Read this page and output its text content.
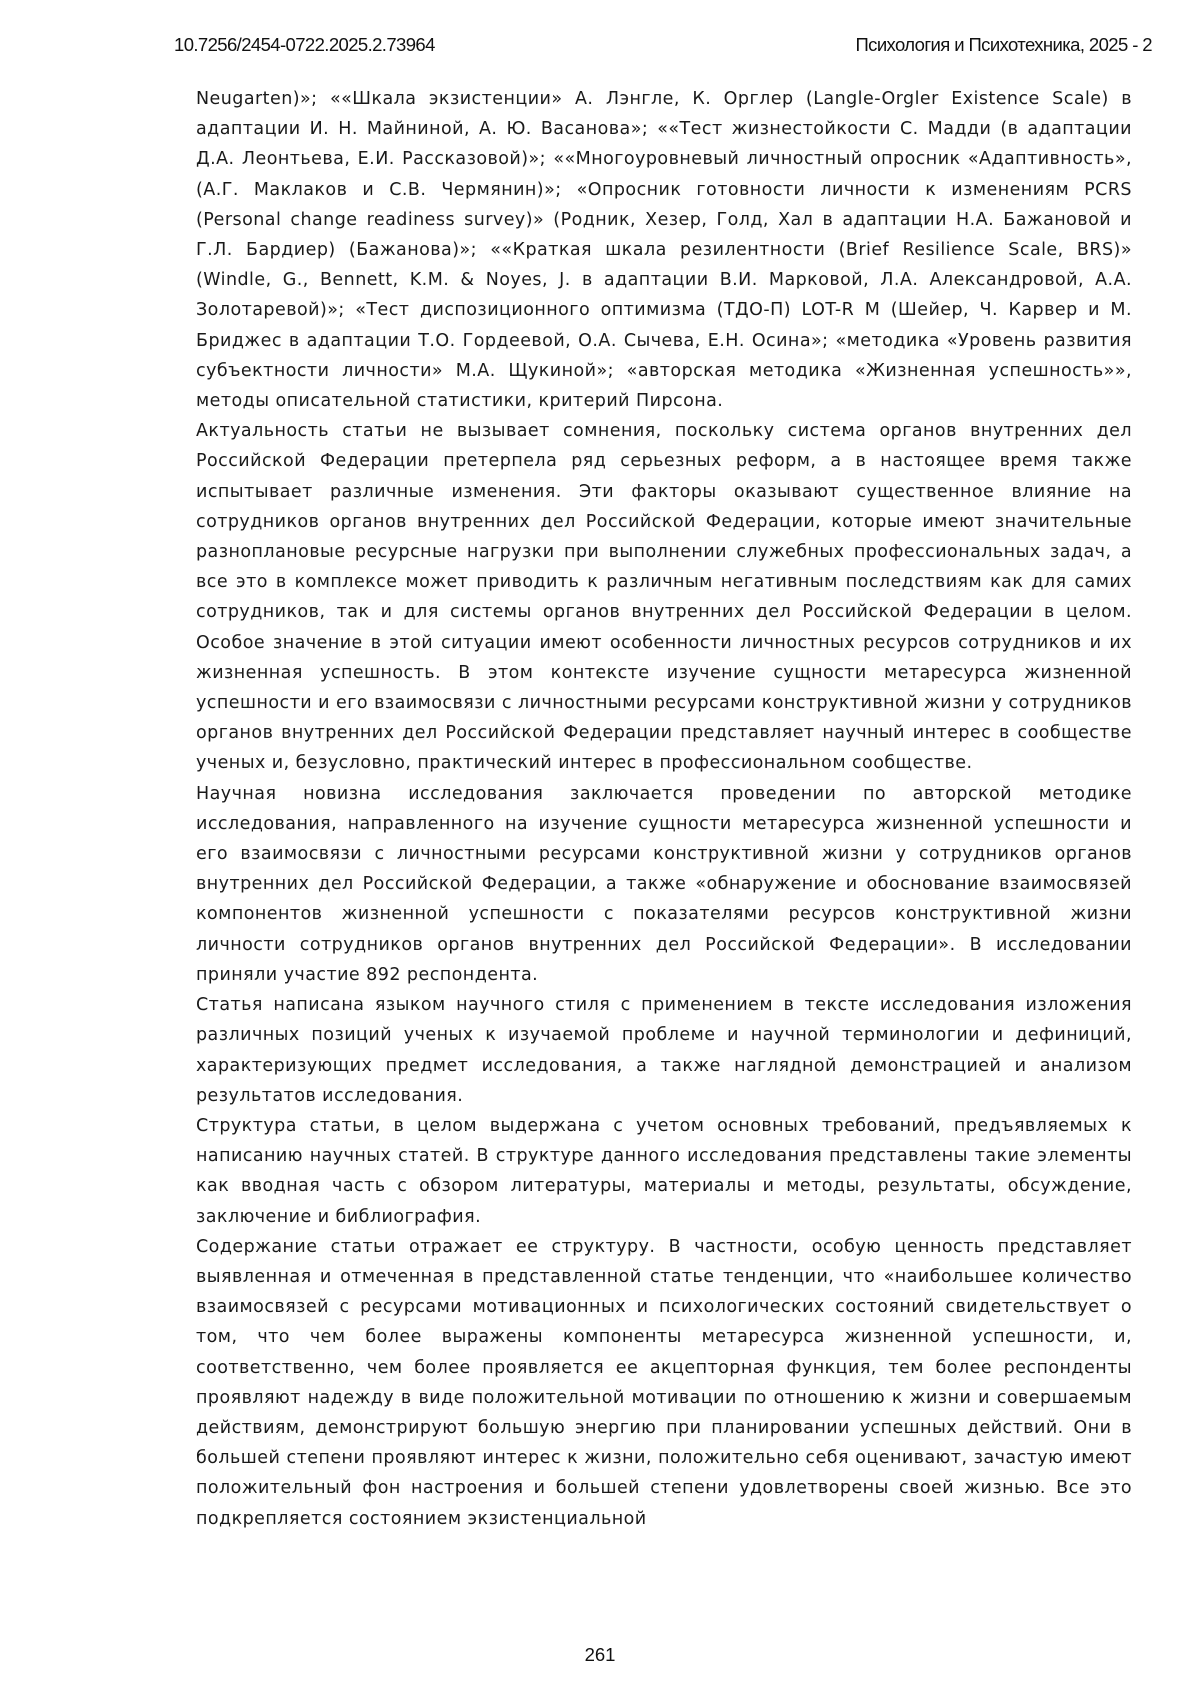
10.7256/2454-0722.2025.2.73964	Психология и Психотехника, 2025 - 2

Neugarten)»; ««Шкала экзистенции» А. Лэнгле, К. Орглер (Langle-Orgler Existence Scale) в адаптации И. Н. Майниной, А. Ю. Васанова»; ««Тест жизнестойкости С. Мадди (в адаптации Д.А. Леонтьева, Е.И. Рассказовой)»; ««Многоуровневый личностный опросник «Адаптивность», (А.Г. Маклаков и С.В. Чермянин)»; «Опросник готовности личности к изменениям PCRS (Personal change readiness survey)» (Родник, Хезер, Голд, Хал в адаптации Н.А. Бажановой и Г.Л. Бардиер) (Бажанова)»; ««Краткая шкала резилентности (Brief Resilience Scale, BRS)» (Windle, G., Bennett, K.M. & Noyes, J. в адаптации В.И. Марковой, Л.А. Александровой, А.А. Золотаревой)»; «Тест диспозиционного оптимизма (ТДО-П) LOT-R М (Шейер, Ч. Карвер и М. Бриджес в адаптации Т.О. Гордеевой, О.А. Сычева, Е.Н. Осина»; «методика «Уровень развития субъектности личности» М.А. Щукиной»; «авторская методика «Жизненная успешность»», методы описательной статистики, критерий Пирсона.

Актуальность статьи не вызывает сомнения, поскольку система органов внутренних дел Российской Федерации претерпела ряд серьезных реформ, а в настоящее время также испытывает различные изменения. Эти факторы оказывают существенное влияние на сотрудников органов внутренних дел Российской Федерации, которые имеют значительные разноплановые ресурсные нагрузки при выполнении служебных профессиональных задач, а все это в комплексе может приводить к различным негативным последствиям как для самих сотрудников, так и для системы органов внутренних дел Российской Федерации в целом. Особое значение в этой ситуации имеют особенности личностных ресурсов сотрудников и их жизненная успешность. В этом контексте изучение сущности метаресурса жизненной успешности и его взаимосвязи с личностными ресурсами конструктивной жизни у сотрудников органов внутренних дел Российской Федерации представляет научный интерес в сообществе ученых и, безусловно, практический интерес в профессиональном сообществе.

Научная новизна исследования заключается проведении по авторской методике исследования, направленного на изучение сущности метаресурса жизненной успешности и его взаимосвязи с личностными ресурсами конструктивной жизни у сотрудников органов внутренних дел Российской Федерации, а также «обнаружение и обоснование взаимосвязей компонентов жизненной успешности с показателями ресурсов конструктивной жизни личности сотрудников органов внутренних дел Российской Федерации». В исследовании приняли участие 892 респондента.

Статья написана языком научного стиля с применением в тексте исследования изложения различных позиций ученых к изучаемой проблеме и научной терминологии и дефиниций, характеризующих предмет исследования, а также наглядной демонстрацией и анализом результатов исследования.

Структура статьи, в целом выдержана с учетом основных требований, предъявляемых к написанию научных статей. В структуре данного исследования представлены такие элементы как вводная часть с обзором литературы, материалы и методы, результаты, обсуждение, заключение и библиография.

Содержание статьи отражает ее структуру. В частности, особую ценность представляет выявленная и отмеченная в представленной статье тенденции, что «наибольшее количество взаимосвязей с ресурсами мотивационных и психологических состояний свидетельствует о том, что чем более выражены компоненты метаресурса жизненной успешности, и, соответственно, чем более проявляется ее акцепторная функция, тем более респонденты проявляют надежду в виде положительной мотивации по отношению к жизни и совершаемым действиям, демонстрируют большую энергию при планировании успешных действий. Они в большей степени проявляют интерес к жизни, положительно себя оценивают, зачастую имеют положительный фон настроения и большей степени удовлетворены своей жизнью. Все это подкрепляется состоянием экзистенциальной

261
